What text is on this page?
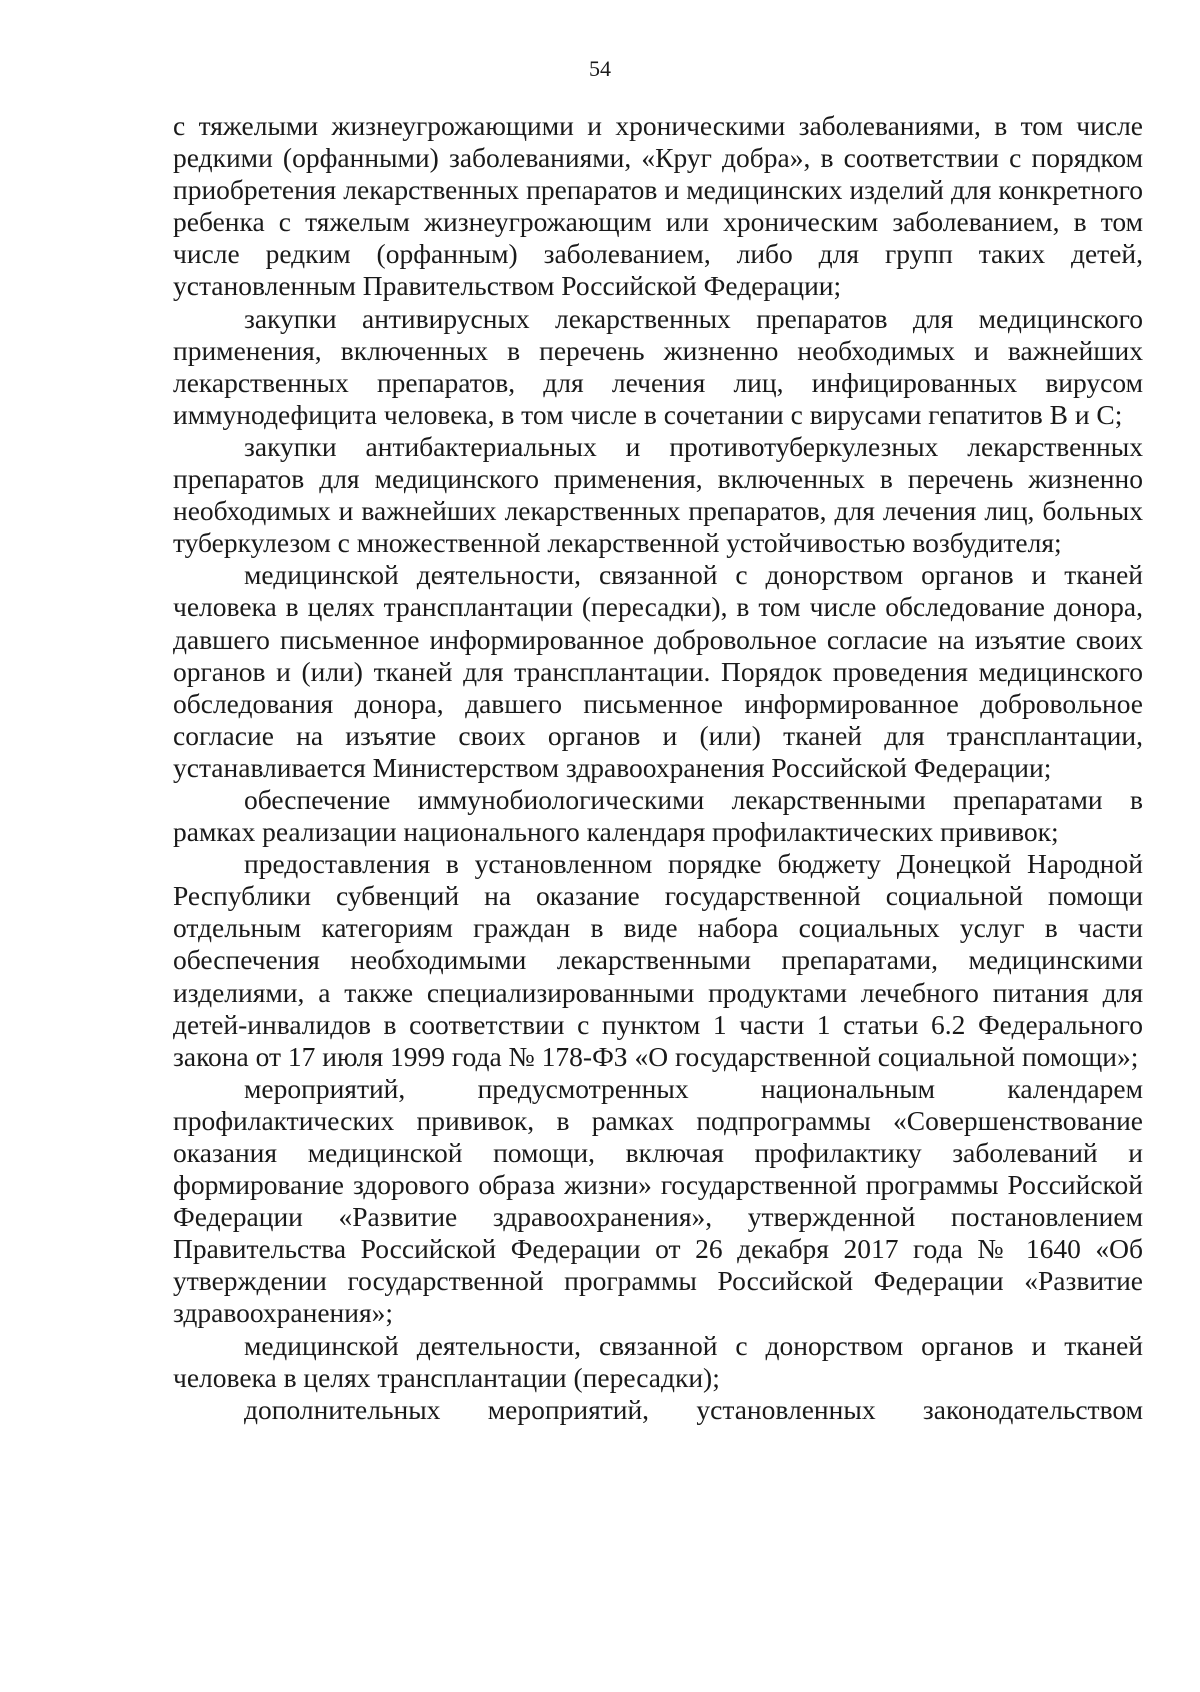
54

с тяжелыми жизнеугрожающими и хроническими заболеваниями, в том числе редкими (орфанными) заболеваниями, «Круг добра», в соответствии с порядком приобретения лекарственных препаратов и медицинских изделий для конкретного ребенка с тяжелым жизнеугрожающим или хроническим заболеванием, в том числе редким (орфанным) заболеванием, либо для групп таких детей, установленным Правительством Российской Федерации;

закупки антивирусных лекарственных препаратов для медицинского применения, включенных в перечень жизненно необходимых и важнейших лекарственных препаратов, для лечения лиц, инфицированных вирусом иммунодефицита человека, в том числе в сочетании с вирусами гепатитов В и С;

закупки антибактериальных и противотуберкулезных лекарственных препаратов для медицинского применения, включенных в перечень жизненно необходимых и важнейших лекарственных препаратов, для лечения лиц, больных туберкулезом с множественной лекарственной устойчивостью возбудителя;

медицинской деятельности, связанной с донорством органов и тканей человека в целях трансплантации (пересадки), в том числе обследование донора, давшего письменное информированное добровольное согласие на изъятие своих органов и (или) тканей для трансплантации. Порядок проведения медицинского обследования донора, давшего письменное информированное добровольное согласие на изъятие своих органов и (или) тканей для трансплантации, устанавливается Министерством здравоохранения Российской Федерации;

обеспечение иммунобиологическими лекарственными препаратами в рамках реализации национального календаря профилактических прививок;

предоставления в установленном порядке бюджету Донецкой Народной Республики субвенций на оказание государственной социальной помощи отдельным категориям граждан в виде набора социальных услуг в части обеспечения необходимыми лекарственными препаратами, медицинскими изделиями, а также специализированными продуктами лечебного питания для детей-инвалидов в соответствии с пунктом 1 части 1 статьи 6.2 Федерального закона от 17 июля 1999 года № 178-ФЗ «О государственной социальной помощи»;

мероприятий, предусмотренных национальным календарем профилактических прививок, в рамках подпрограммы «Совершенствование оказания медицинской помощи, включая профилактику заболеваний и формирование здорового образа жизни» государственной программы Российской Федерации «Развитие здравоохранения», утвержденной постановлением Правительства Российской Федерации от 26 декабря 2017 года № 1640 «Об утверждении государственной программы Российской Федерации «Развитие здравоохранения»;

медицинской деятельности, связанной с донорством органов и тканей человека в целях трансплантации (пересадки);

дополнительных мероприятий, установленных законодательством
